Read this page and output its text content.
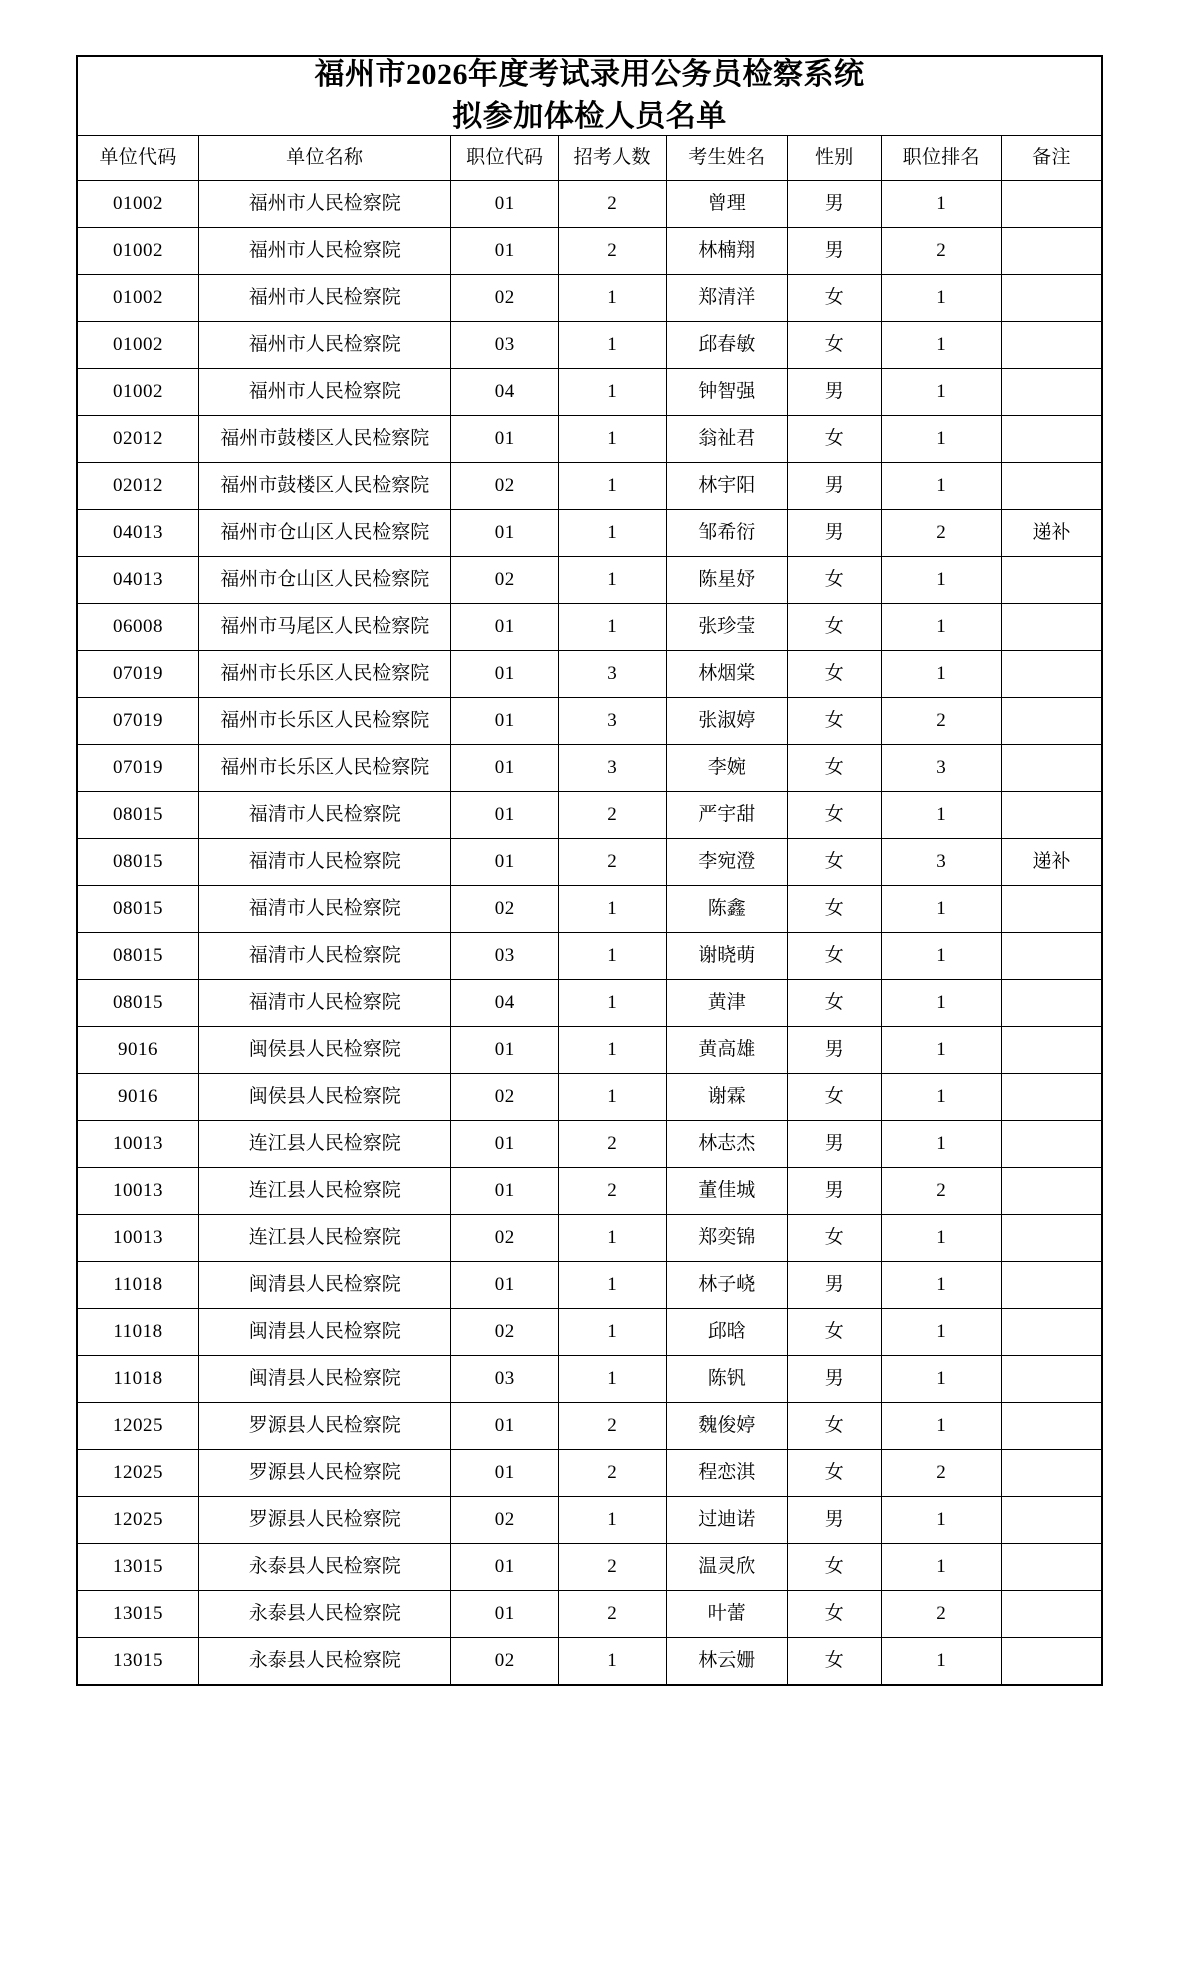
福州市2026年度考试录用公务员检察系统
拟参加体检人员名单							

单位代码	单位名称	职位代码	招考人数	考生姓名	性别	职位排名	备注
01002	福州市人民检察院	01	2	曾理	男	1	
01002	福州市人民检察院	01	2	林楠翔	男	2	
01002	福州市人民检察院	02	1	郑清洋	女	1	
01002	福州市人民检察院	03	1	邱春敏	女	1	
01002	福州市人民检察院	04	1	钟智强	男	1	
02012	福州市鼓楼区人民检察院	01	1	翁祉君	女	1	
02012	福州市鼓楼区人民检察院	02	1	林宇阳	男	1	
04013	福州市仓山区人民检察院	01	1	邹希衍	男	2	递补
04013	福州市仓山区人民检察院	02	1	陈星妤	女	1	
06008	福州市马尾区人民检察院	01	1	张珍莹	女	1	
07019	福州市长乐区人民检察院	01	3	林烟棠	女	1	
07019	福州市长乐区人民检察院	01	3	张淑婷	女	2	
07019	福州市长乐区人民检察院	01	3	李婉	女	3	
08015	福清市人民检察院	01	2	严宇甜	女	1	
08015	福清市人民检察院	01	2	李宛澄	女	3	递补
08015	福清市人民检察院	02	1	陈鑫	女	1	
08015	福清市人民检察院	03	1	谢晓萌	女	1	
08015	福清市人民检察院	04	1	黄津	女	1	
9016	闽侯县人民检察院	01	1	黄高雄	男	1	
9016	闽侯县人民检察院	02	1	谢霖	女	1	
10013	连江县人民检察院	01	2	林志杰	男	1	
10013	连江县人民检察院	01	2	董佳城	男	2	
10013	连江县人民检察院	02	1	郑奕锦	女	1	
11018	闽清县人民检察院	01	1	林子峣	男	1	
11018	闽清县人民检察院	02	1	邱晗	女	1	
11018	闽清县人民检察院	03	1	陈钒	男	1	
12025	罗源县人民检察院	01	2	魏俊婷	女	1	
12025	罗源县人民检察院	01	2	程恋淇	女	2	
12025	罗源县人民检察院	02	1	过迪诺	男	1	
13015	永泰县人民检察院	01	2	温灵欣	女	1	
13015	永泰县人民检察院	01	2	叶蕾	女	2	
13015	永泰县人民检察院	02	1	林云姗	女	1	
